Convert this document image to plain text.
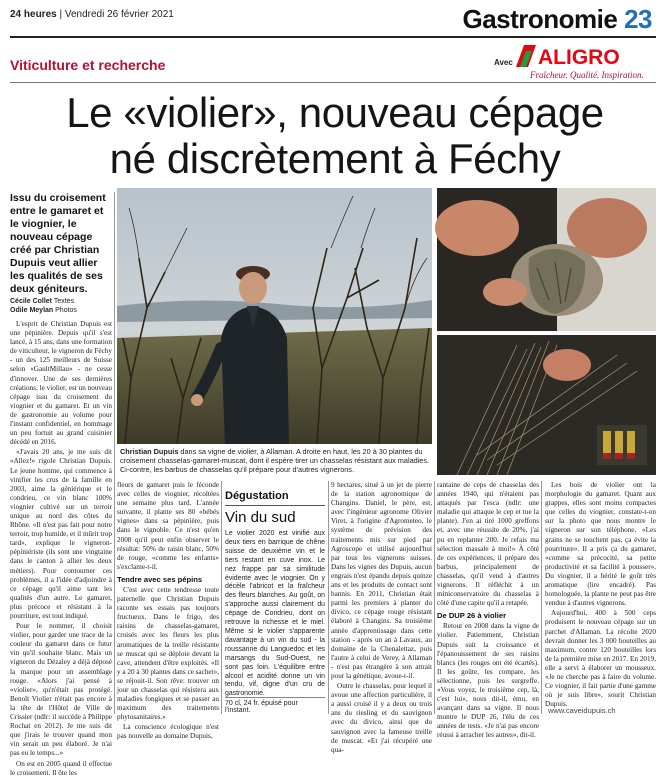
24 heures | Vendredi 26 février 2021	Gastronomie 23
Viticulture et recherche	Avec ALIGRO
Fraîcheur. Qualité. Inspiration.
Le «violier», nouveau cépage
né discrètement à Féchy
Issu du croisement entre le gamaret et le viognier, le nouveau cépage créé par Christian Dupuis veut allier les qualités de ses deux géniteurs.
Cécile Collet Textes
Odile Meylan Photos

L'esprit de Christian Dupuis est une pépinière. Depuis qu'il s'est lancé, à 15 ans, dans une formation de viticulteur, le vigneron de Féchy - un des 125 meilleurs de Suisse selon «GaultMillau» - ne cesse d'innover. Une de ses dernières créations, le violier, est un nouveau cépage issu du croisement du viognier et du gamaret. Et un vin de gastronomie au volume pour l'instant confidentiel, en hommage un peu fortuit au grand cuisinier décédé en 2016.

«J'avais 20 ans, je me suis dit «Allez!» rigole Christian Dupuis. Le jeune homme, qui commence à vinifier les crus de la famille en 2003, aime la géniérique et le condrieu, ce vin blanc 100% viognier cultivé sur un terroir unique au nord des côtes du Rhône. «Il n'est pas fait pour notre terroir, trop humide, et il mûrit trop tard», explique le vigneron-pépiniériste (ils sont une vingtaine dans le canton à allier les deux métiers). Pour contourner ces problèmes, il a l'idée d'adjoindre à ce cépage qu'il aime tant les qualités d'un autre. Le gamaret, plus précoce et résistant à la pourriture, est tout indiqué.

Pour le nommer, il choisit violier, pour garder une trace de la couleur du gamaret dans ce futur vin qu'il souhaite blanc. Mais un vigneron du Dézaley a déjà déposé la marque pour un assemblage rouge. «Alors j'ai pensé à «violier», qu'n'était pas protégé. Benoît Violier n'était pas encore à la tête de l'Hôtel de Ville de Crissier (ndlr: il succède à Philippe Rochat en 2012). Je me suis dit que j'irais le trouver quand mon vin serait un peu élaboré. Je n'ai pas eu le temps...»

On est en 2005 quand il effectue le croisement. Il ôte les

Christian Dupuis dans sa vigne de violier, à Allaman. A droite en haut, les 20 à 30 plantes du croisement chasselas-gamaret-muscat, dont il espère tirer un chasselas résistant aux maladies. Ci-contre, les barbus de chasselas qu'il prépare pour d'autres vignerons.

fleurs de gamaret puis le féconde avec celles de viognier, récoltées une semaine plus tard. L'année suivante, il plante ses 80 «bébés vignes» dans sa pépinière, puis dans le vignoble. Ce n'est qu'en 2008 qu'il peut enfin observer le résultat: 50% de raisin blanc, 50% de rouge, «comme les enfants» s'exclame-t-il.

Tendre avec ses pépins

C'est avec cette tendresse toute paternelle que Christian Dupuis raconte ses essais pas toujours fructueux. Dans le frigo, des raisins de chasselas-gamaret, croisés avec les fleurs les plus aromatiques de la treille résistante se muscat qui se déploie devant la cave, attendent d'être exploités. «Il y a 20 à 30 plantes dans ce sachet», se réjouit-il. Son rêve: trouver un jour un chasselas qui résistera aux maladies fongiques et se passer au maximum des traitements phytosanitaires.»

La conscience écologique n'est pas nouvelle au domaine Dupuis,

Dégustation
Vin du sud

Le violier 2020 est vinifié aux deux tiers en barrique de chêne suisse de deuxième vin et le tiers restant en cuve inox. Le nez frappe par sa similitude évidente avec le viognier. On y décèle l'abricot et la fraîcheur des fleurs blanches. Au goût, on s'approche aussi clairement du cépage de Condrieu, dont on retrouve la richesse et le miel. Même si le violier s'apparente davantage à un vin du sud - la roussanne du Languedoc et les marsangs du Sud-Ouest, ne sont pas loin. L'équilibre entre alcool et acidité donne un vin tendu, vif, digne d'un cru de gastronomie.

70 cl, 24 fr. épuisé pour l'instant.

9 hectares, situé à un jet de pierre de la station agronomique de Changins. Daniel, le père, est, avec l'ingénieur agronome Olivier Viret, à l'origine d'Agrometeo, le système de prévision des traitements mis sur pied par Agroscope et utilisé aujourd'hui par tous les vignerons suisses. Dans les vignes des Dupuis, aucun engrais n'est épandu depuis quinze ans et les produits de contact sont bannis. En 2011, Christian était parmi les premiers à planter du divico, ce cépage rouge résistant élaboré à Changins. Sa troisième année d'apprentissage dans cette station - après un an à Lavaux, au domaine de la Chenalettaz, puis l'autre à celui de Verey, à Allaman - n'est pas étrangère à son attrait pour la génétique, avoue-t-il.

Outre le chasselas, pour lequel il avoue une affection particulière, il a aussi croisé il y a deux ou trois ans du riesling et du sauvignon avec du divico, ainsi que du sauvignon avec la fameuse treille de muscat. «Et j'ai récupéré une qua-

rantaine de ceps de chasselas des années 1940, qui n'étaient pas attaqués par l'esca (ndlr: une maladie qui attaque le cep et tue la plante). J'en ai tiré 1000 greffons et, avec une réussite de 20%, j'ai pu en replanter 200. Je refais ma sélection massale à moi!» À côté de ces expériences, il prépare des barbus, principalement de chasselas, qu'il vend à d'autres vignerons. Il réfléchit à un miniconservatoire du chasselas à côté d'une capite qu'il a retapée.

De DUP 26 à violier

Retour en 2008 dans la vigne de violier. Patiemment, Christian Dupuis suit la croissance et l'épanouissement de ses raisins blancs (les rouges ont été écartés). Il les goûte, les compare, les sélectionne, puis les surgreffe. «Vous voyez, le troisième cep, là, c'est lui», nous dit-il, ému, en avançant dans sa vigne. Il nous montre le DUP 26, l'élu de ces années de tests. «Je n'ai pas encore réussi à arracher les autres», dit-il.

Les bois de violier ont la morphologie du gamaret. Quant aux grappes, elles sont moins compactes que celles du viognier, constate-t-on sur la photo que nous montre le vigneron sur son téléphone. «Les grains ne se touchent pas, ça évite la pourriture». Il a pris ça du gamaret, «comme sa précocité, sa petite productivité et sa facilité à pousser». Du viognier, il a hérité le goût très aromatique (lire encadré). Pas homologuée, la plante ne peut pas être vendue à d'autres vignerons.

Aujourd'hui, 400 à 500 ceps produisent le nouveau cépage sur un parchet d'Allaman. La récolte 2020 devrait donner les 3 000 bouteilles au maximum, contre 120 bouteilles lors de la première mise en 2017. En 2019, elle a servi à élaborer un mousseux. «Je ne cherche pas à faire du volume. Ce viognier, il fait partie d'une gamme où je suis libre», sourit Christian Dupuis.

www.caveidupuis.ch
